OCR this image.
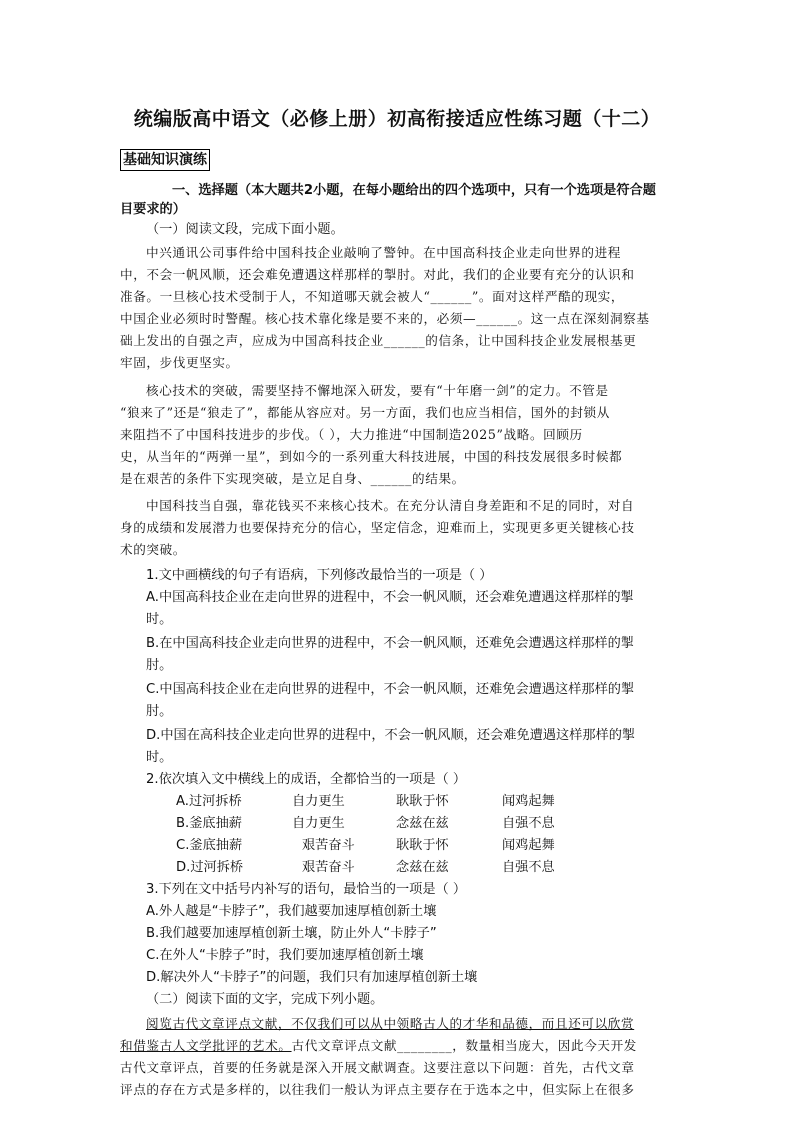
统编版高中语文（必修上册）初高衔接适应性练习题（十二）
基础知识演练
一、选择题（本大题共2小题，在每小题给出的四个选项中，只有一个选项是符合题
目要求的）
（一）阅读文段，完成下面小题。
中兴通讯公司事件给中国科技企业敲响了警钟。在中国高科技企业走向世界的进程
中，不会一帆风顺，还会难免遭遇这样那样的掣肘。对此，我们的企业要有充分的认识和
准备。一旦核心技术受制于人，不知道哪天就会被人“______”。面对这样严酷的现实，
中国企业必须时时警醒。核心技术靠化缘是要不来的，必须—______。这一点在深刻洞察基
础上发出的自强之声，应成为中国高科技企业______的信条，让中国科技企业发展根基更
牢固，步伐更坚实。
核心技术的突破，需要坚持不懈地深入研发，要有“十年磨一剑”的定力。不管是
“狼来了”还是“狼走了”，都能从容应对。另一方面，我们也应当相信，国外的封锁从
来阻挡不了中国科技进步的步伐。（ ），大力推进“中国制造2025”战略。回顾历
史，从当年的“两弹一星”，到如今的一系列重大科技进展，中国的科技发展很多时候都
是在艰苦的条件下实现突破，是立足自身、______的结果。
中国科技当自强，靠花钱买不来核心技术。在充分认清自身差距和不足的同时，对自
身的成绩和发展潜力也要保持充分的信心，坚定信念，迎难而上，实现更多更关键核心技
术的突破。
1.文中画横线的句子有语病，下列修改最恰当的一项是（ ）
A.中国高科技企业在走向世界的进程中，不会一帆风顺，还会难免遭遇这样那样的掣
时。
B.在中国高科技企业走向世界的进程中，不会一帆风顺，还难免会遭遇这样那样的掣
肘。
C.中国高科技企业在走向世界的进程中，不会一帆风顺，还难免会遭遇这样那样的掣
肘。
D.中国在高科技企业走向世界的进程中，不会一帆风顺，还会难免遭遇这样那样的掣
时。
2.依次填入文中横线上的成语，全都恰当的一项是（ ）
A.过河拆桥	自力更生	耿耿于怀	闻鸡起舞
B.釜底抽薪	自力更生	念兹在兹	自强不息
C.釜底抽薪	艰苦奋斗	耿耿于怀	闻鸡起舞
D.过河拆桥	艰苦奋斗	念兹在兹	自强不息
3.下列在文中括号内补写的语句，最恰当的一项是（ ）
A.外人越是“卡脖子”，我们越要加速厚植创新土壤
B.我们越要加速厚植创新土壤，防止外人“卡脖子”
C.在外人“卡脖子”时，我们要加速厚植创新土壤
D.解决外人“卡脖子”的问题，我们只有加速厚植创新土壤
（二）阅读下面的文字，完成下列小题。
阅览古代文章评点文献，不仅我们可以从中领略古人的才华和品德，而且还可以欣赏
和借鉴古人文学批评的艺术。古代文章评点文献________，数量相当庞大，因此今天开发
古代文章评点，首要的任务就是深入开展文献调查。这要注意以下问题：首先，古代文章
评点的存在方式是多样的，以往我们一般认为评点主要存在于选本之中，但实际上在很多
